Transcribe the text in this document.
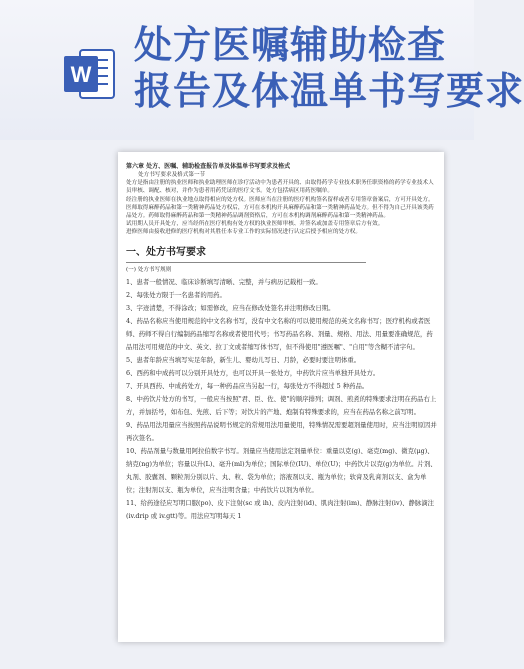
W
处方医嘱辅助检查
报告及体温单书写要求

第六章 处方、医嘱、辅助检查报告单及体温单书写要求及格式

处方书写要求及格式第一节

处方是指由注册的执业医师和执业助理医师在诊疗活动中为患者开具的、由取得药学专业技术职务任职资格的药学专业技术人员审核、调配、核对，并作为患者用药凭证的医疗文书。处方包括病区用药医嘱单。

经注册的执业医师在执业地点取得相应的处方权。医师应当在注册的医疗机构签名留样或者专用签章备案后，方可开具处方。医师取得麻醉药品和第一类精神药品处方权后，方可在本机构开具麻醉药品和第一类精神药品处方。但不得为自己开具该类药品处方。药师取得麻醉药品和第一类精神药品调剂资格后，方可在本机构调剂麻醉药品和第一类精神药品。

试用期人员开具处方，应当经所在医疗机构有处方权的执业医师审核、并签名或加盖专用签章后方有效。

进修医师由接收进修的医疗机构对其胜任本专业工作的实际情况进行认定后授予相应的处方权。

一、处方书写要求

(一) 处方书写规则

1、患者一般情况、临床诊断填写清晰、完整，并与病历记载相一致。

2、每张处方限于一名患者的用药。

3、字迹清楚，不得涂改；如需修改，应当在修改处签名并注明修改日期。

4、药品名称应当使用规范的中文名称书写，没有中文名称的可以使用规范的英文名称书写；医疗机构或者医师、药师不得自行编制药品缩写名称或者使用代号；书写药品名称、剂量、规格、用法、用量要准确规范，药品用法可用规范的中文、英文、拉丁文或者缩写体书写，但不得使用"遵医嘱"、"自用"等含糊不清字句。

5、患者年龄应当填写实足年龄，新生儿、婴幼儿写日、月龄，必要时要注明体重。

6、西药和中成药可以分别开具处方，也可以开具一张处方，中药饮片应当单独开具处方。

7、开具西药、中成药处方，每一种药品应当另起一行，每张处方不得超过 5 种药品。

8、中药饮片处方的书写，一般应当按照"君、臣、佐、使"的顺序排列；调剂、煎煮的特殊要求注明在药品右上方，并加括号，如布包、先煎、后下等；对饮片的产地、炮制有特殊要求的，应当在药品名称之前写明。

9、药品用法用量应当按照药品说明书规定的常规用法用量使用，特殊情况需要超剂量使用时，应当注明原因并再次签名。

10、药品剂量与数量用阿拉伯数字书写。剂量应当使用法定剂量单位：重量以克(g)、毫克(mg)、微克(μg)、纳克(ng)为单位；容量以升(L)、毫升(ml)为单位；国际单位(IU)、单位(U)；中药饮片以克(g)为单位。片剂、丸剂、胶囊剂、颗粒剂分别以片、丸、粒、袋为单位；溶液剂以支、瓶为单位；软膏及乳膏剂以支、盒为单位；注射剂以支、瓶为单位，应当注明含量；中药饮片以剂为单位。

11、给药途径应写明口服(po)、皮下注射(sc 或 ih)、皮内注射(id)、肌肉注射(im)、静脉注射(iv)、静脉滴注(iv.drip 或 iv.gtt)等。用法应写明每天 1
